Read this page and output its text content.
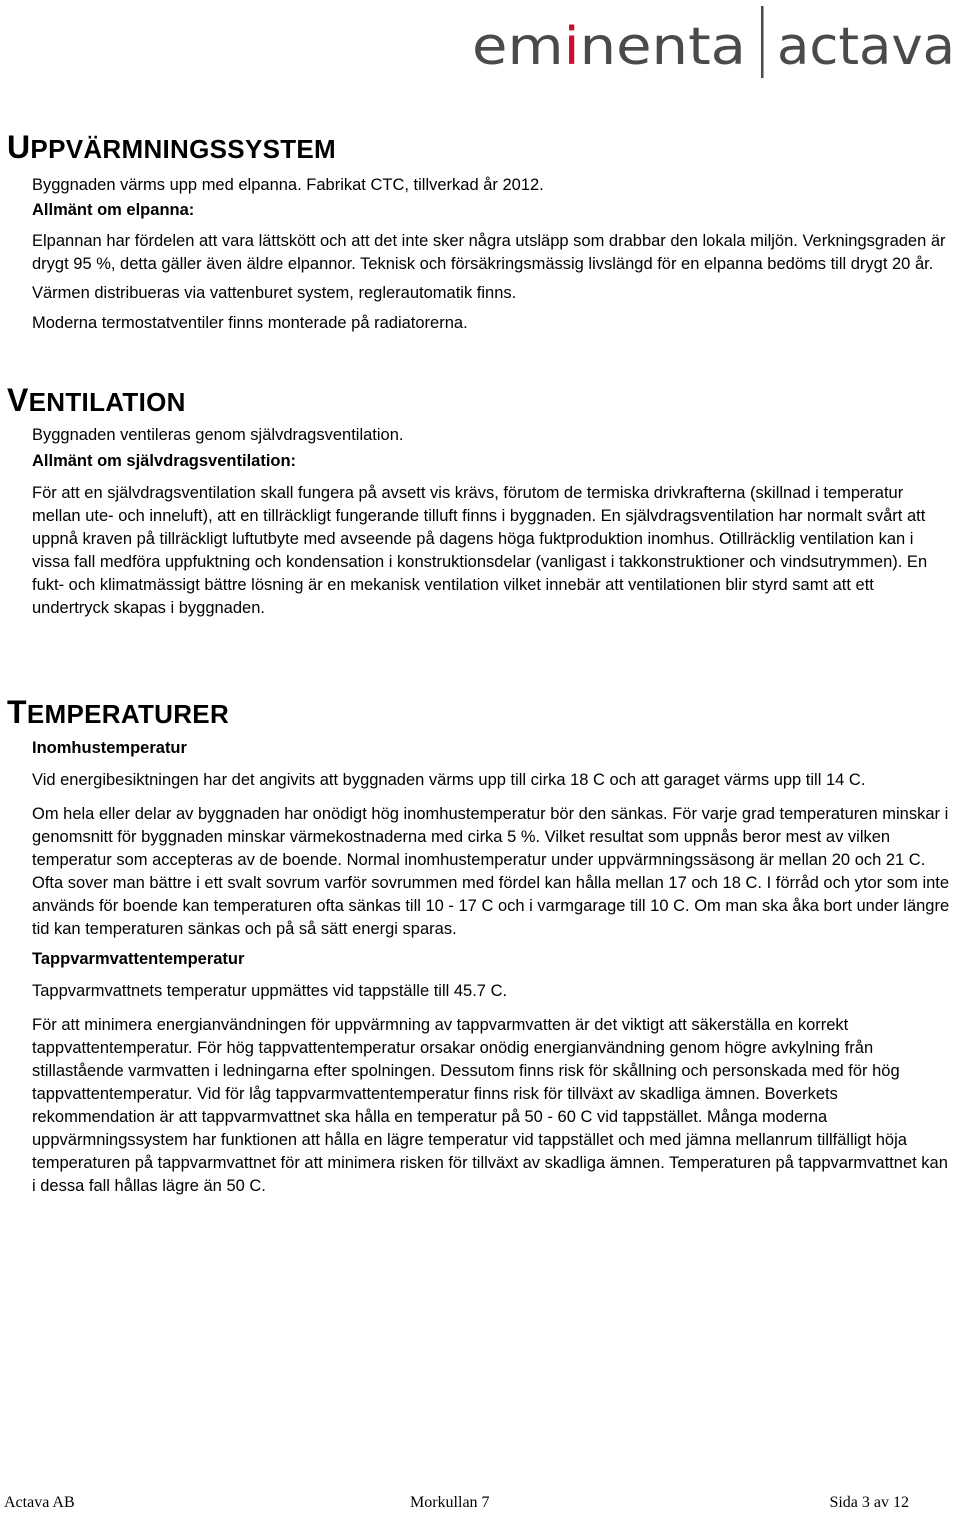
em inenta actava
UPPVÄRMNINGSSYSTEM

Byggnaden värms upp med elpanna. Fabrikat CTC, tillverkad år 2012.

Allmänt om elpanna:

Elpannan har fördelen att vara lättskött och att det inte sker några utsläpp som drabbar den lokala miljön. Verkningsgraden är drygt 95 %, detta gäller även äldre elpannor. Teknisk och försäkringsmässig livslängd för en elpanna bedöms till drygt 20 år.

Värmen distribueras via vattenburet system, reglerautomatik finns.

Moderna termostatventiler finns monterade på radiatorerna.

VENTILATION

Byggnaden ventileras genom självdragsventilation.

Allmänt om självdragsventilation:

För att en självdragsventilation skall fungera på avsett vis krävs, förutom de termiska drivkrafterna (skillnad i temperatur mellan ute- och inneluft), att en tillräckligt fungerande tilluft finns i byggnaden. En självdragsventilation har normalt svårt att uppnå kraven på tillräckligt luftutbyte med avseende på dagens höga fuktproduktion inomhus. Otillräcklig ventilation kan i vissa fall medföra uppfuktning och kondensation i konstruktionsdelar (vanligast i takkonstruktioner och vindsutrymmen). En fukt- och klimatmässigt bättre lösning är en mekanisk ventilation vilket innebär att ventilationen blir styrd samt att ett undertryck skapas i byggnaden.

TEMPERATURER

Inomhustemperatur

Vid energibesiktningen har det angivits att byggnaden värms upp till cirka 18 C och att garaget värms upp till 14 C.

Om hela eller delar av byggnaden har onödigt hög inomhustemperatur bör den sänkas. För varje grad temperaturen minskar i genomsnitt för byggnaden minskar värmekostnaderna med cirka 5 %. Vilket resultat som uppnås beror mest av vilken temperatur som accepteras av de boende. Normal inomhustemperatur under uppvärmningssäsong är mellan 20 och 21 C. Ofta sover man bättre i ett svalt sovrum varför sovrummen med fördel kan hålla mellan 17 och 18 C. I förråd och ytor som inte används för boende kan temperaturen ofta sänkas till 10 - 17 C och i varmgarage till 10 C. Om man ska åka bort under längre tid kan temperaturen sänkas och på så sätt energi sparas.

Tappvarmvattentemperatur

Tappvarmvattnets temperatur uppmättes vid tappställe till 45.7 C.

För att minimera energianvändningen för uppvärmning av tappvarmvatten är det viktigt att säkerställa en korrekt tappvattentemperatur. För hög tappvattentemperatur orsakar onödig energianvändning genom högre avkylning från stillastående varmvatten i ledningarna efter spolningen. Dessutom finns risk för skållning och personskada med för hög tappvattentemperatur. Vid för låg tappvarmvattentemperatur finns risk för tillväxt av skadliga ämnen. Boverkets rekommendation är att tappvarmvattnet ska hålla en temperatur på 50 - 60 C vid tappstället. Många moderna uppvärmningssystem har funktionen att hålla en lägre temperatur vid tappstället och med jämna mellanrum tillfälligt höja temperaturen på tappvarmvattnet för att minimera risken för tillväxt av skadliga ämnen. Temperaturen på tappvarmvattnet kan i dessa fall hållas lägre än 50 C.

Actava AB	Morkullan 7	Sida 3 av 12
